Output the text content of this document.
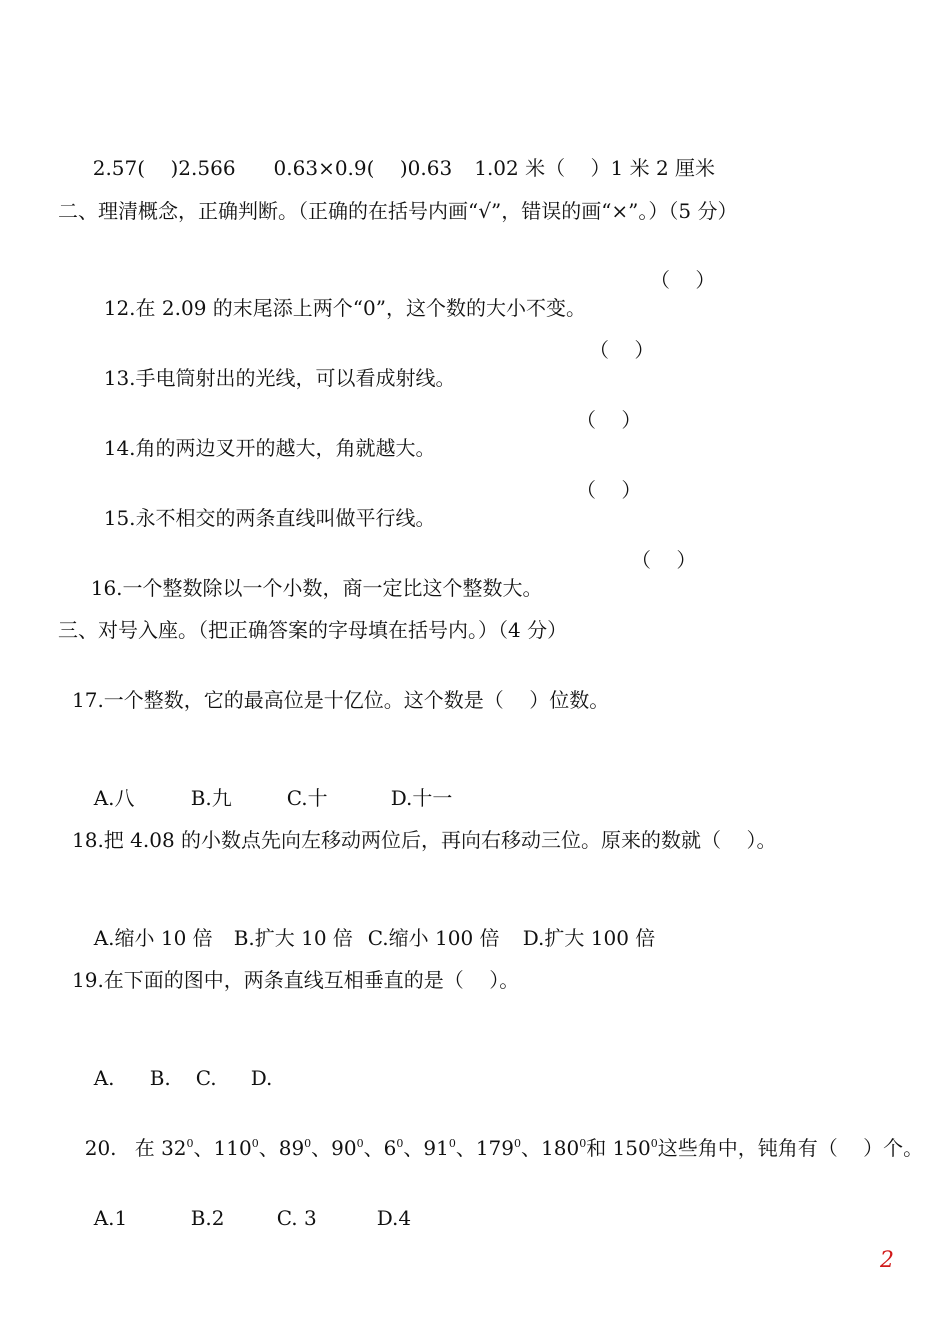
2.57(    )2.566 0.63×0.9(    )0.63 1.02 米（    ）1 米 2 厘米

二、理清概念，正确判断。（正确的在括号内画“√”，错误的画“×”。）（5 分）

12.在 2.09 的末尾添上两个“0”，这个数的大小不变。

（    ）

13.手电筒射出的光线，可以看成射线。

（    ）

14.角的两边叉开的越大，角就越大。

（    ）

15.永不相交的两条直线叫做平行线。

（    ）

16.一个整数除以一个小数，商一定比这个整数大。

（    ）
三、对号入座。（把正确答案的字母填在括号内。）（4 分）
17.一个整数，它的最高位是十亿位。这个数是（    ）位数。

A.八	B.九	C.十	D.十一

18.把 4.08 的小数点先向左移动两位后，再向右移动三位。原来的数就（    ）。

A.缩小 10 倍 B.扩大 10 倍 C.缩小 100 倍 D.扩大 100 倍

19.在下面的图中，两条直线互相垂直的是（    ）。

A. B. C. D.

20. 在 $32^0$、$110^0$、$89^0$、$90^0$、$6^0$、$91^0$、$179^0$、$180^0$和 $150^0$这些角中，钝角有（    ）个。

A.1	B.2	C. 3	D.4

2
